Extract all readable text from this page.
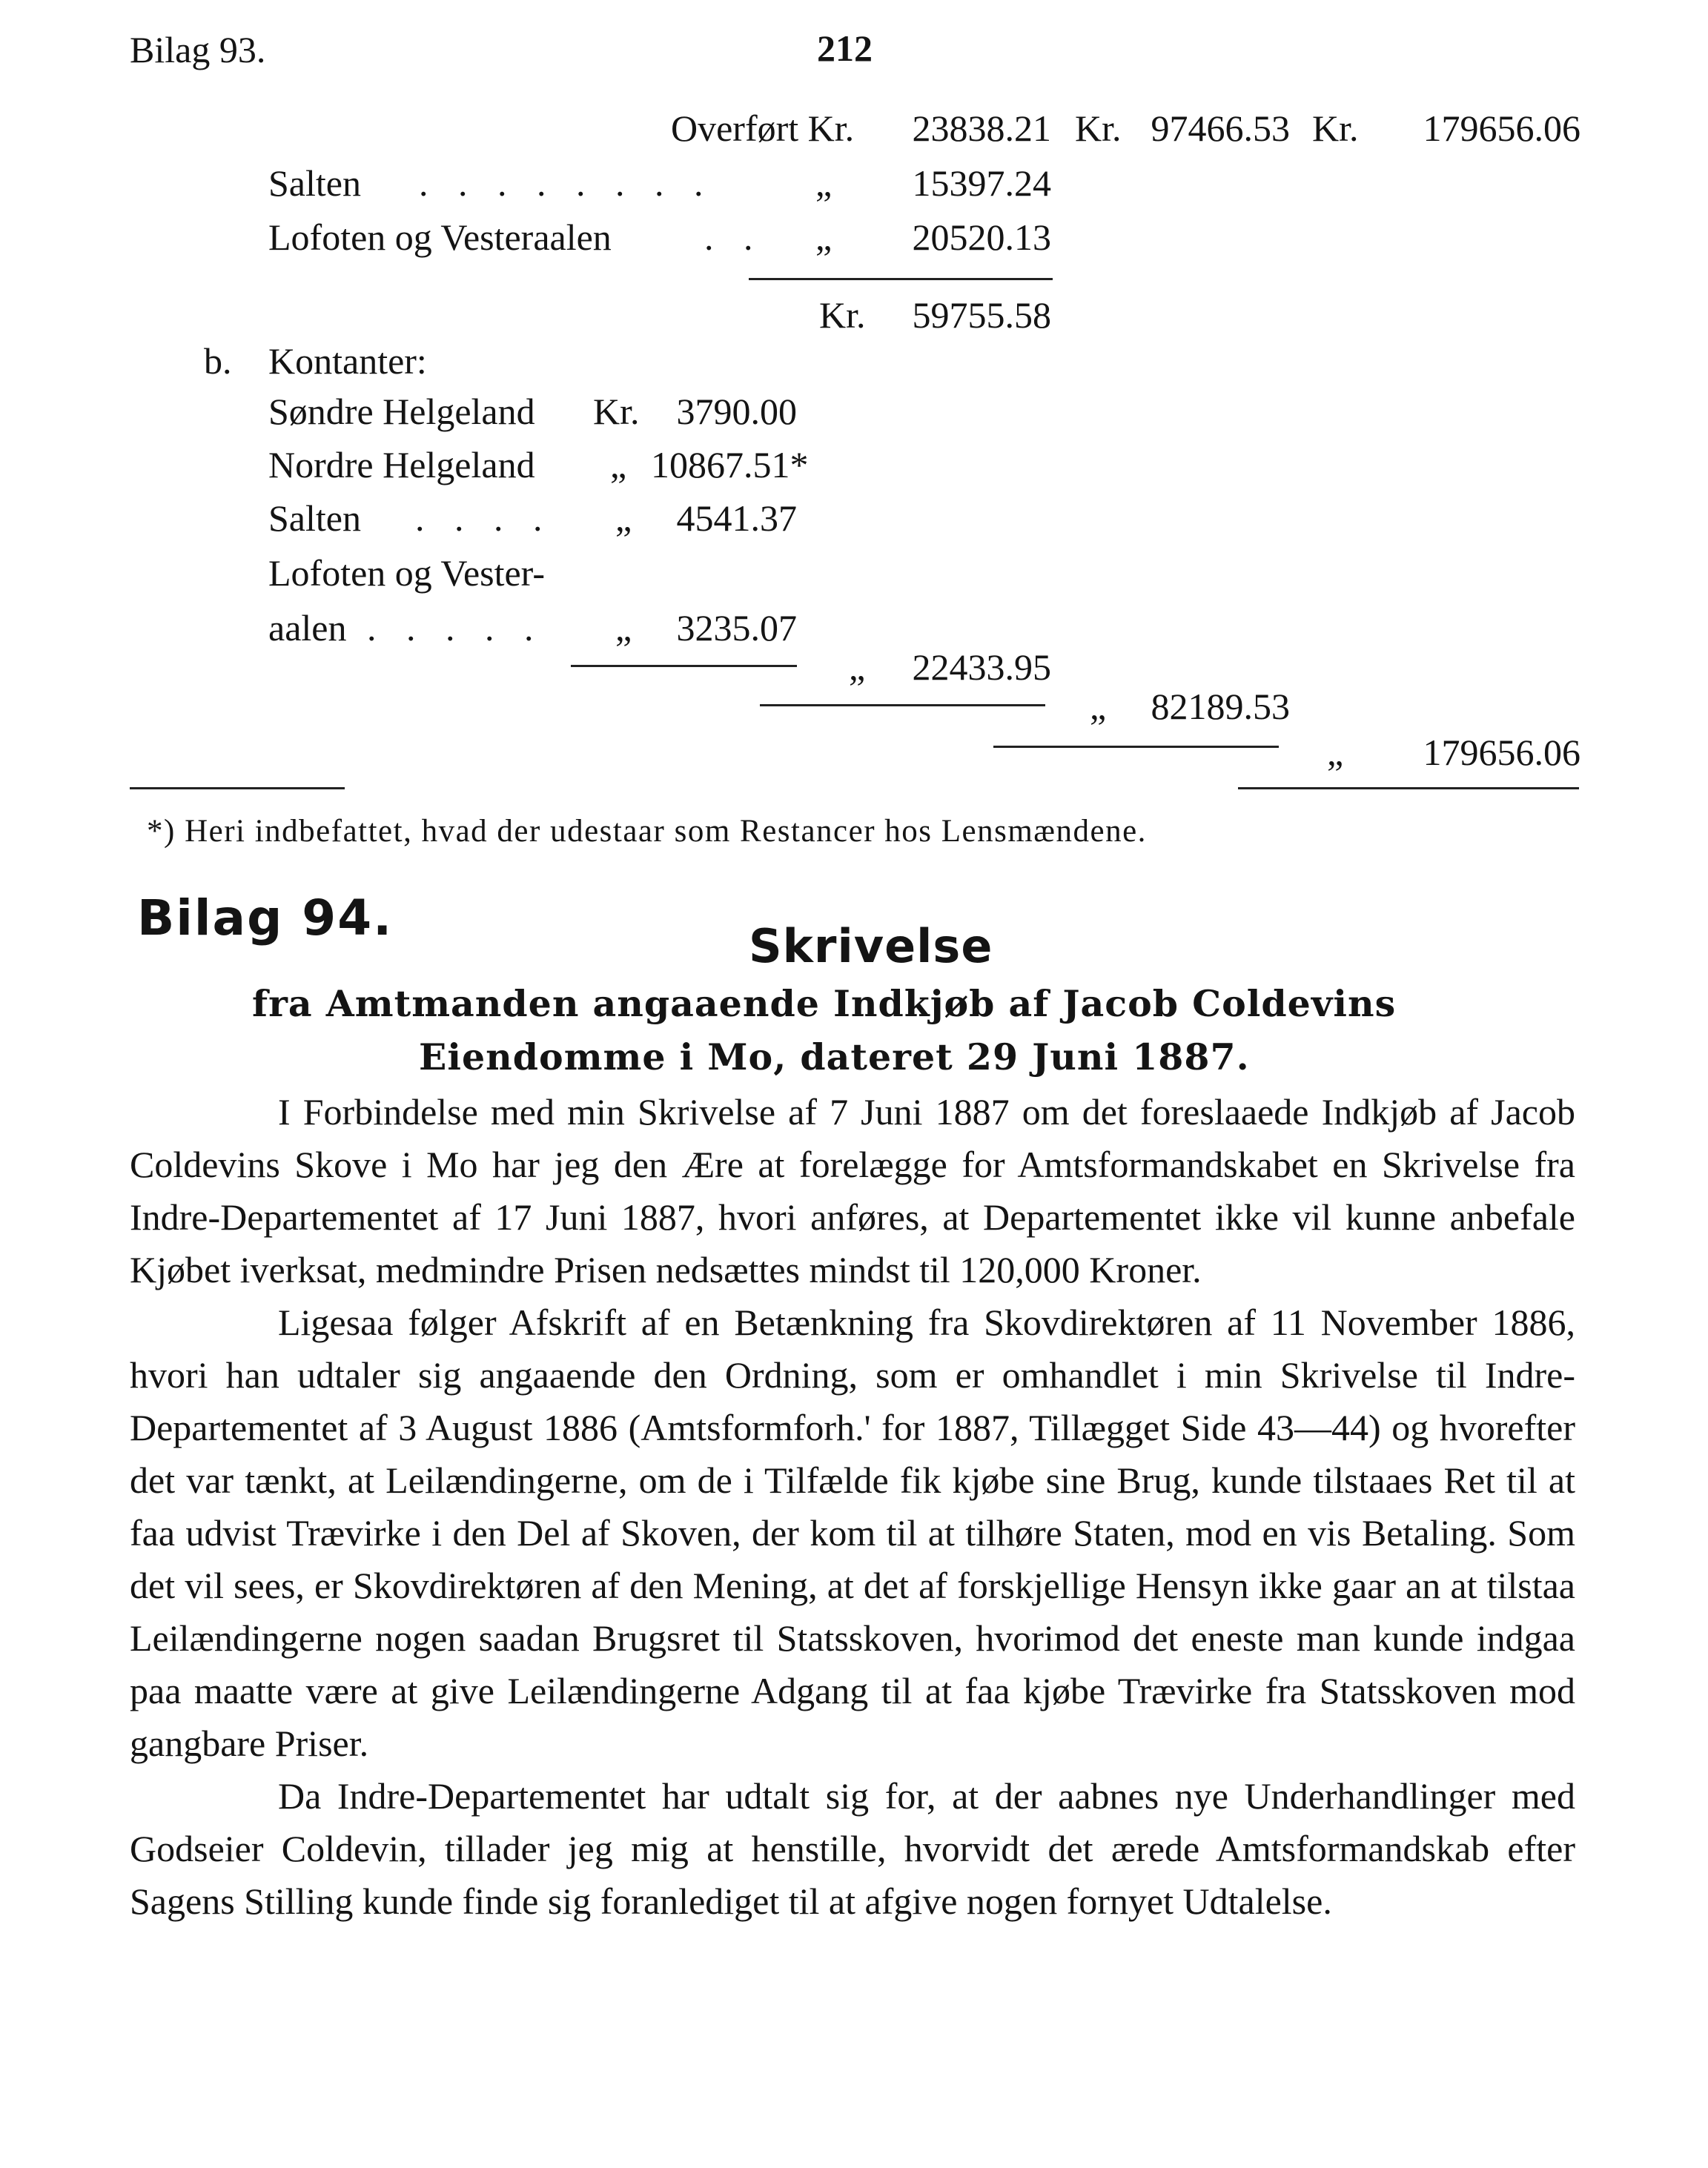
Bilag 93.	212
Overført Kr.	23838.21 Kr. 97466.53 Kr.	179656.06
Salten . . . . . . . .	„	15397.24
Lofoten og Vesteraalen	. . „	20520.13
Kr.	59755.58
b. Kontanter:
Søndre Helgeland Kr.	3790.00
Nordre Helgeland „ 10867.51*
Salten . . . . „	4541.37
Lofoten og Vester-
aalen . . . . . „	3235.07
„	22433.95
„	82189.53
„	179656.06
*) Heri indbefattet, hvad der udestaar som Restancer hos Lensmændene.
Bilag 94.	Skrivelse
fra Amtmanden angaaende Indkjøb af Jacob Coldevins
Eiendomme i Mo, dateret 29 Juni 1887.

I Forbindelse med min Skrivelse af 7 Juni 1887 om det foreslaaede Indkjøb af Jacob Coldevins Skove i Mo har jeg den Ære at forelægge for Amtsformandskabet en Skrivelse fra Indre-Departementet af 17 Juni 1887, hvori anføres, at Departementet ikke vil kunne anbefale Kjøbet iverksat, medmindre Prisen nedsættes mindst til 120,000 Kroner.

Ligesaa følger Afskrift af en Betænkning fra Skovdirektøren af 11 November 1886, hvori han udtaler sig angaaende den Ordning, som er omhandlet i min Skrivelse til Indre-Departementet af 3 August 1886 (Amtsformforh.' for 1887, Tillægget Side 43—44) og hvorefter det var tænkt, at Leilændingerne, om de i Tilfælde fik kjøbe sine Brug, kunde tilstaaes Ret til at faa udvist Trævirke i den Del af Skoven, der kom til at tilhøre Staten, mod en vis Betaling. Som det vil sees, er Skovdirektøren af den Mening, at det af forskjellige Hensyn ikke gaar an at tilstaa Leilændingerne nogen saadan Brugsret til Statsskoven, hvorimod det eneste man kunde indgaa paa maatte være at give Leilændingerne Adgang til at faa kjøbe Trævirke fra Statsskoven mod gangbare Priser.

Da Indre-Departementet har udtalt sig for, at der aabnes nye Underhandlinger med Godseier Coldevin, tillader jeg mig at henstille, hvorvidt det ærede Amtsformandskab efter Sagens Stilling kunde finde sig foranlediget til at afgive nogen fornyet Udtalelse.
